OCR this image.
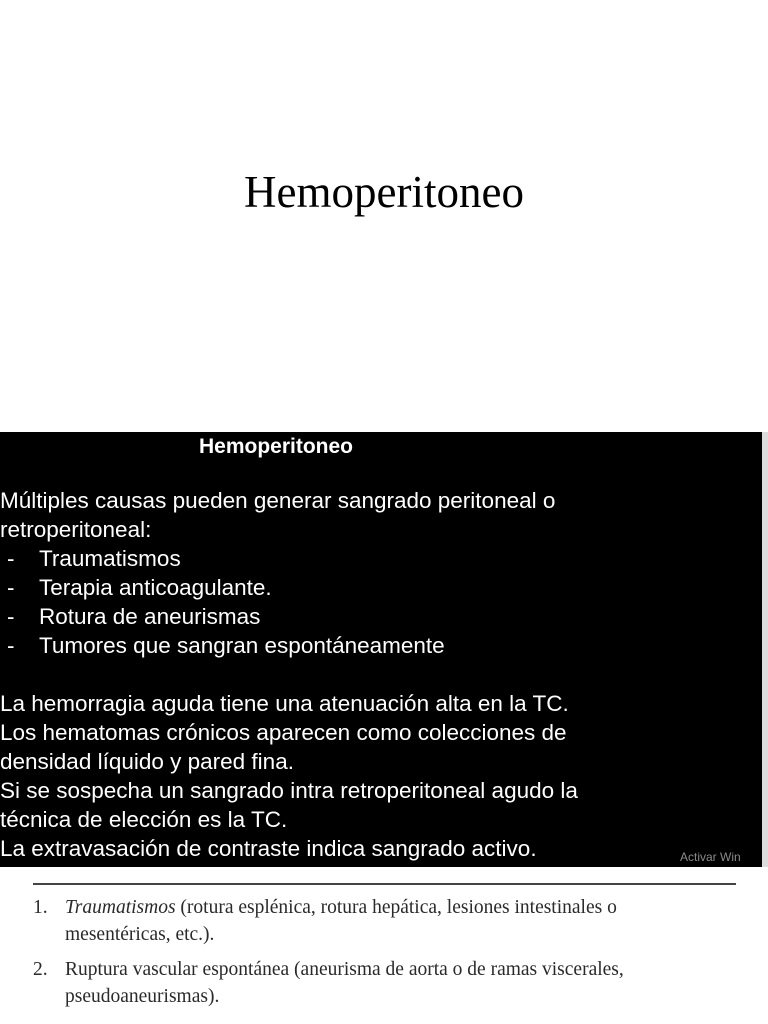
Hemoperitoneo
Hemoperitoneo
Múltiples causas pueden generar sangrado peritoneal o
retroperitoneal:
- Traumatismos
- Terapia anticoagulante.
- Rotura de aneurismas
- Tumores que sangran espontáneamente
La hemorragia aguda tiene una atenuación alta en la TC.
Los hematomas crónicos aparecen como colecciones de
densidad líquido y pared fina.
Si se sospecha un sangrado intra retroperitoneal agudo la
técnica de elección es la TC.
La extravasación de contraste indica sangrado activo.	Activar Win
1. Traumatismos (rotura esplénica, rotura hepática, lesiones intestinales o mesentéricas, etc.).
2. Ruptura vascular espontánea (aneurisma de aorta o de ramas viscerales, pseudoaneurismas).
